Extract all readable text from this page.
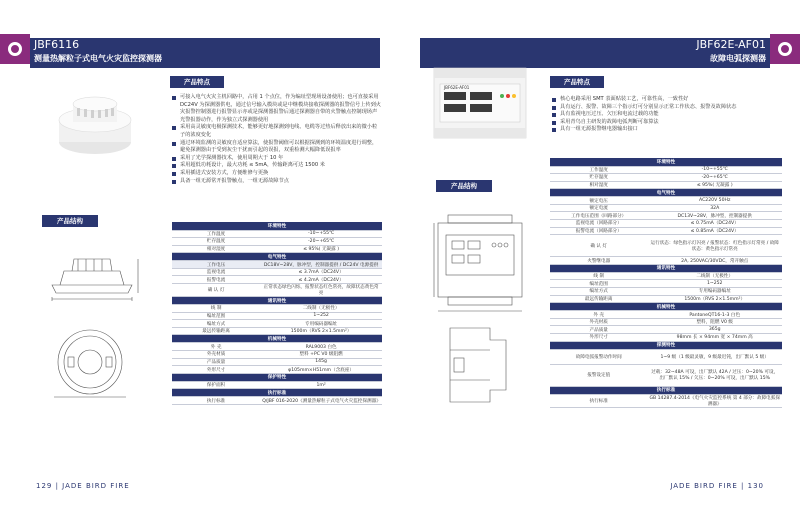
JBF6116
测量热解粒子式电气火灾监控探测器
产品特点
可接入电气火灾主机回路中，占用 1 个点位，作为编址型现场设备使用；也可直接采用 DC24V 为探测器供电，通过信号输入模块或是中继模块接收探测器的报警信号上传到火灾报警控制器进行报警显示亦或是探测器报警后通过探测器自带的火警触点控制现场声光警报器动作，作为独立式探测器使用
采用高灵敏度电极探测技术，能够更好地探测到电线、电缆等过热后释放出来的微小粒子的浓度变化
通过环境监测的灵敏度自适应算法，使报警阈值可以根据探测到的环境温度进行调整，避免探测器由于受到灰尘干扰而引起的误报，双重检测大幅降低误报率
采用了光学探测器技术，使用周期大于 10 年
采用超低功耗设计，最大功耗 ≤ 5mA，传输距离可达 1500 米
采用插进式安装方式，方便维修与更换
具备一组无源常开报警触点，一组无源故障节点
产品结构
环境特性	
工作温度	-10~+55℃
贮存温度	-20~+65℃
相对湿度	≤ 95%( 无凝露 )
电气特性	
工作电压	DC18V~28V，脉冲型，控制器提供 / DC24V 电源提供
监视电流	≤ 3.7mA（DC24V）
报警电流	≤ 4.2mA（DC24V）
确 认 灯	正常状态绿色闪烁，报警状态红色常亮，故障状态黄色常亮
通讯特性	
线 制	二线制（无极性）
编址范围	1~252
编址方式	专用编码器编址
最远传输距离	1500m（RVS 2×1.5mm²）
机械特性	
外 壳	RAL9003 白色
外壳材质	塑料 +PC V0 级阻燃
产品质量	145g
外形尺寸	φ105mm×H51mm（含底座）
保护特性	
保护面积	1m²
执行标准	
执行标准	Q/JBF 016-2020《测量热解粒子式电气火灾监控探测器》
129 | JADE BIRD FIRE
JBF62E-AF01
故障电弧探测器
JBF62E-AF01
产品特点
核心电路采用 SMT 表面贴装工艺，可靠性高，一致性好
具有运行、报警、故障三个指示灯可分别显示正常工作状态、报警及故障状态
具有监视电压过压、欠压和电流过载的功能
采用青鸟自主研发的故障电弧判断可靠算法
具有一组无源报警继电器输出接口
产品结构
环境特性	
工作温度	-10~+55℃
贮存温度	-20~+65℃
相对湿度	≤ 95%( 无凝露 )
电气特性	
额定电压	AC220V 50Hz
额定电流	32A
工作电压范围（回路部分）	DC13V~28V，脉冲型，控制器提供
监视电流（回路部分）	≤ 0.75mA（DC24V）
报警电流（回路部分）	≤ 0.85mA（DC24V）
确 认 灯	运行状态：绿色指示灯闪亮 / 报警状态：红色指示灯常亮 / 故障状态：黄色指示灯常亮
火警继电器	2A, 250VAC/30VDC，常开触点
通讯特性	
线 制	二线制（无极性）
编址范围	1~252
编址方式	专用编码器编址
最远传输距离	1500m（RVS 2×1.5mm²）
机械特性	
外 壳	PantoneQT16-1-3 白色
外壳材质	塑料，阻燃 V0 级
产品质量	365g
外形尺寸	98mm 长 × 94mm 宽 × 74mm 高
探测特性	
故障电弧报警动作时间	1~9 级（1 级最灵敏，9 级最迟钝，出厂默认 5 级）
报警设定值	过载：32~48A 可设，出厂默认 42A / 过压：0~20% 可设，出厂默认 15% / 欠压：0~20% 可设，出厂默认 15%
执行标准	
执行标准	GB 14287.4-2014《电气火灾监控系统 第 4 部分：故障电弧探测器》
JADE BIRD FIRE | 130
